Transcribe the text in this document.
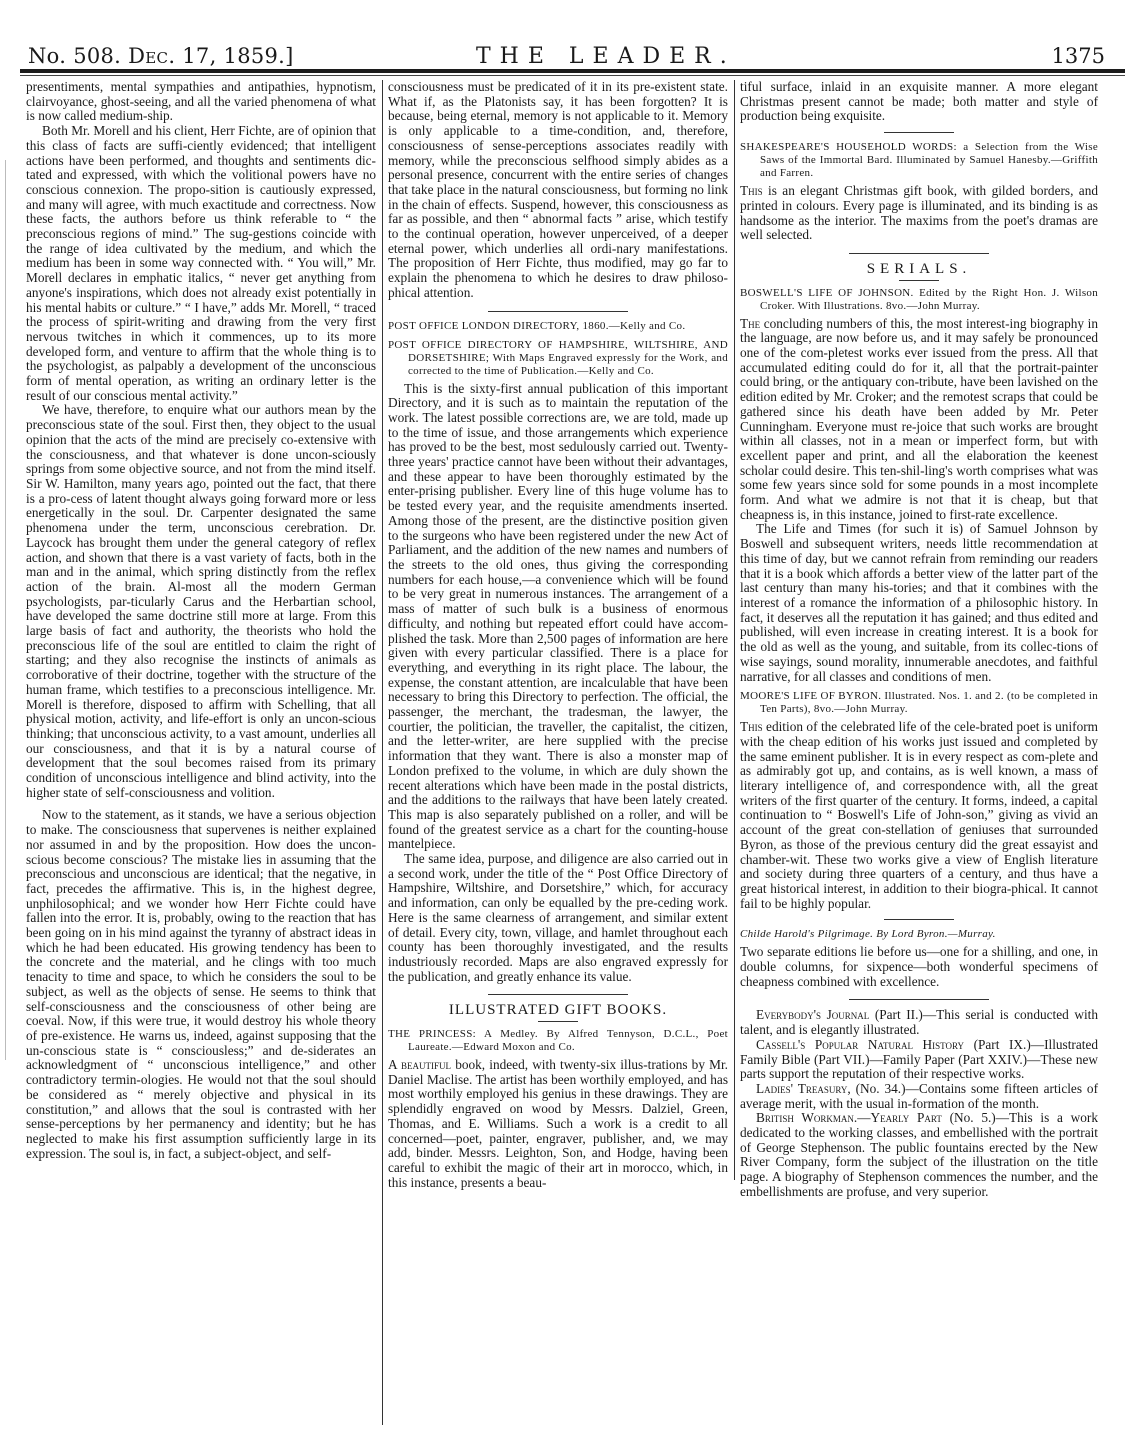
No. 508. Dec. 17, 1859.]	THE LEADER.	1375

presentiments, mental sympathies and antipathies, hypnotism, clairvoyance, ghost-seeing, and all the varied phenomena of what is now called medium-ship.

Both Mr. Morell and his client, Herr Fichte, are of opinion that this class of facts are suffi-ciently evidenced; that intelligent actions have been performed, and thoughts and sentiments dic-tated and expressed, with which the volitional powers have no conscious connexion. The propo-sition is cautiously expressed, and many will agree, with much exactitude and correctness. Now these facts, the authors before us think referable to “ the preconscious regions of mind.” The sug-gestions coincide with the range of idea cultivated by the medium, and which the medium has been in some way connected with. “ You will,” Mr. Morell declares in emphatic italics, “ never get anything from anyone's inspirations, which does not already exist potentially in his mental habits or culture.” “ I have,” adds Mr. Morell, “ traced the process of spirit-writing and drawing from the very first nervous twitches in which it commences, up to its more developed form, and venture to affirm that the whole thing is to the psychologist, as palpably a development of the unconscious form of mental operation, as writing an ordinary letter is the result of our conscious mental activity.”

We have, therefore, to enquire what our authors mean by the preconscious state of the soul. First then, they object to the usual opinion that the acts of the mind are precisely co-extensive with the consciousness, and that whatever is done uncon-sciously springs from some objective source, and not from the mind itself. Sir W. Hamilton, many years ago, pointed out the fact, that there is a pro-cess of latent thought always going forward more or less energetically in the soul. Dr. Carpenter designated the same phenomena under the term, unconscious cerebration. Dr. Laycock has brought them under the general category of reflex action, and shown that there is a vast variety of facts, both in the man and in the animal, which spring distinctly from the reflex action of the brain. Al-most all the modern German psychologists, par-ticularly Carus and the Herbartian school, have developed the same doctrine still more at large. From this large basis of fact and authority, the theorists who hold the preconscious life of the soul are entitled to claim the right of starting; and they also recognise the instincts of animals as corroborative of their doctrine, together with the structure of the human frame, which testifies to a preconscious intelligence. Mr. Morell is therefore, disposed to affirm with Schelling, that all physical motion, activity, and life-effort is only an uncon-scious thinking; that unconscious activity, to a vast amount, underlies all our consciousness, and that it is by a natural course of development that the soul becomes raised from its primary condition of unconscious intelligence and blind activity, into the higher state of self-consciousness and volition.

Now to the statement, as it stands, we have a serious objection to make. The consciousness that supervenes is neither explained nor assumed in and by the proposition. How does the uncon-scious become conscious? The mistake lies in assuming that the preconscious and unconscious are identical; that the negative, in fact, precedes the affirmative. This is, in the highest degree, unphilosophical; and we wonder how Herr Fichte could have fallen into the error. It is, probably, owing to the reaction that has been going on in his mind against the tyranny of abstract ideas in which he had been educated. His growing tendency has been to the concrete and the material, and he clings with too much tenacity to time and space, to which he considers the soul to be subject, as well as the objects of sense. He seems to think that self-consciousness and the consciousness of other being are coeval. Now, if this were true, it would destroy his whole theory of pre-existence. He warns us, indeed, against supposing that the un-conscious state is “ consciousless;” and de-siderates an acknowledgment of “ unconscious intelligence,” and other contradictory termin-ologies. He would not that the soul should be considered as “ merely objective and physical in its constitution,” and allows that the soul is contrasted with her sense-perceptions by her permanency and identity; but he has neglected to make his first assumption sufficiently large in its expression. The soul is, in fact, a subject-object, and self-

consciousness must be predicated of it in its pre-existent state. What if, as the Platonists say, it has been forgotten? It is because, being eternal, memory is not applicable to it. Memory is only applicable to a time-condition, and, therefore, consciousness of sense-perceptions associates readily with memory, while the preconscious selfhood simply abides as a personal presence, concurrent with the entire series of changes that take place in the natural consciousness, but forming no link in the chain of effects. Suspend, however, this consciousness as far as possible, and then “ abnormal facts ” arise, which testify to the continual operation, however unperceived, of a deeper eternal power, which underlies all ordi-nary manifestations. The proposition of Herr Fichte, thus modified, may go far to explain the phenomena to which he desires to draw philoso-phical attention.

POST OFFICE LONDON DIRECTORY, 1860.—Kelly and Co.
POST OFFICE DIRECTORY OF HAMPSHIRE, WILTSHIRE, AND DORSETSHIRE; With Maps Engraved expressly for the Work, and corrected to the time of Publication.—Kelly and Co.

This is the sixty-first annual publication of this important Directory, and it is such as to maintain the reputation of the work. The latest possible corrections are, we are told, made up to the time of issue, and those arrangements which experience has proved to be the best, most sedulously carried out. Twenty-three years' practice cannot have been without their advantages, and these appear to have been thoroughly estimated by the enter-prising publisher. Every line of this huge volume has to be tested every year, and the requisite amendments inserted. Among those of the present, are the distinctive position given to the surgeons who have been registered under the new Act of Parliament, and the addition of the new names and numbers of the streets to the old ones, thus giving the corresponding numbers for each house,—a convenience which will be found to be very great in numerous instances. The arrangement of a mass of matter of such bulk is a business of enormous difficulty, and nothing but repeated effort could have accom-plished the task. More than 2,500 pages of information are here given with every particular classified. There is a place for everything, and everything in its right place. The labour, the expense, the constant attention, are incalculable that have been necessary to bring this Directory to perfection. The official, the passenger, the merchant, the tradesman, the lawyer, the courtier, the politician, the traveller, the capitalist, the citizen, and the letter-writer, are here supplied with the precise information that they want. There is also a monster map of London prefixed to the volume, in which are duly shown the recent alterations which have been made in the postal districts, and the additions to the railways that have been lately created. This map is also separately published on a roller, and will be found of the greatest service as a chart for the counting-house mantelpiece.

The same idea, purpose, and diligence are also carried out in a second work, under the title of the “ Post Office Directory of Hampshire, Wiltshire, and Dorsetshire,” which, for accuracy and information, can only be equalled by the pre-ceding work. Here is the same clearness of arrangement, and similar extent of detail. Every city, town, village, and hamlet throughout each county has been thoroughly investigated, and the results industriously recorded. Maps are also engraved expressly for the publication, and greatly enhance its value.

ILLUSTRATED GIFT BOOKS.
THE PRINCESS: A Medley. By Alfred Tennyson, D.C.L., Poet Laureate.—Edward Moxon and Co.

A beautiful book, indeed, with twenty-six illus-trations by Mr. Daniel Maclise. The artist has been worthily employed, and has most worthily employed his genius in these drawings. They are splendidly engraved on wood by Messrs. Dalziel, Green, Thomas, and E. Williams. Such a work is a credit to all concerned—poet, painter, engraver, publisher, and, we may add, binder. Messrs. Leighton, Son, and Hodge, having been careful to exhibit the magic of their art in morocco, which, in this instance, presents a beau-

tiful surface, inlaid in an exquisite manner. A more elegant Christmas present cannot be made; both matter and style of production being exquisite.

SHAKESPEARE'S HOUSEHOLD WORDS: a Selection from the Wise Saws of the Immortal Bard. Illuminated by Samuel Hanesby.—Griffith and Farren.

This is an elegant Christmas gift book, with gilded borders, and printed in colours. Every page is illuminated, and its binding is as handsome as the interior. The maxims from the poet's dramas are well selected.

SERIALS.
BOSWELL'S LIFE OF JOHNSON. Edited by the Right Hon. J. Wilson Croker. With Illustrations. 8vo.—John Murray.

The concluding numbers of this, the most interest-ing biography in the language, are now before us, and it may safely be pronounced one of the com-pletest works ever issued from the press. All that accumulated editing could do for it, all that the portrait-painter could bring, or the antiquary con-tribute, have been lavished on the edition edited by Mr. Croker; and the remotest scraps that could be gathered since his death have been added by Mr. Peter Cunningham. Everyone must re-joice that such works are brought within all classes, not in a mean or imperfect form, but with excellent paper and print, and all the elaboration the keenest scholar could desire. This ten-shil-ling's worth comprises what was some few years since sold for some pounds in a most incomplete form. And what we admire is not that it is cheap, but that cheapness is, in this instance, joined to first-rate excellence.

The Life and Times (for such it is) of Samuel Johnson by Boswell and subsequent writers, needs little recommendation at this time of day, but we cannot refrain from reminding our readers that it is a book which affords a better view of the latter part of the last century than many his-tories; and that it combines with the interest of a romance the information of a philosophic history. In fact, it deserves all the reputation it has gained; and thus edited and published, will even increase in creating interest. It is a book for the old as well as the young, and suitable, from its collec-tions of wise sayings, sound morality, innumerable anecdotes, and faithful narrative, for all classes and conditions of men.

MOORE'S LIFE OF BYRON. Illustrated. Nos. 1. and 2. (to be completed in Ten Parts), 8vo.—John Murray.

This edition of the celebrated life of the cele-brated poet is uniform with the cheap edition of his works just issued and completed by the same eminent publisher. It is in every respect as com-plete and as admirably got up, and contains, as is well known, a mass of literary intelligence of, and correspondence with, all the great writers of the first quarter of the century. It forms, indeed, a capital continuation to “ Boswell's Life of John-son,” giving as vivid an account of the great con-stellation of geniuses that surrounded Byron, as those of the previous century did the great essayist and chamber-wit. These two works give a view of English literature and society during three quarters of a century, and thus have a great historical interest, in addition to their biogra-phical. It cannot fail to be highly popular.

Childe Harold's Pilgrimage. By Lord Byron.—Murray.

Two separate editions lie before us—one for a shilling, and one, in double columns, for sixpence—both wonderful specimens of cheapness combined with excellence.

Everybody's Journal (Part II.)—This serial is conducted with talent, and is elegantly illustrated.

Cassell's Popular Natural History (Part IX.)—Illustrated Family Bible (Part VII.)—Family Paper (Part XXIV.)—These new parts support the reputation of their respective works.

Ladies' Treasury, (No. 34.)—Contains some fifteen articles of average merit, with the usual in-formation of the month.

British Workman.—Yearly Part (No. 5.)—This is a work dedicated to the working classes, and embellished with the portrait of George Stephenson. The public fountains erected by the New River Company, form the subject of the illustration on the title page. A biography of Stephenson commences the number, and the embellishments are profuse, and very superior.
